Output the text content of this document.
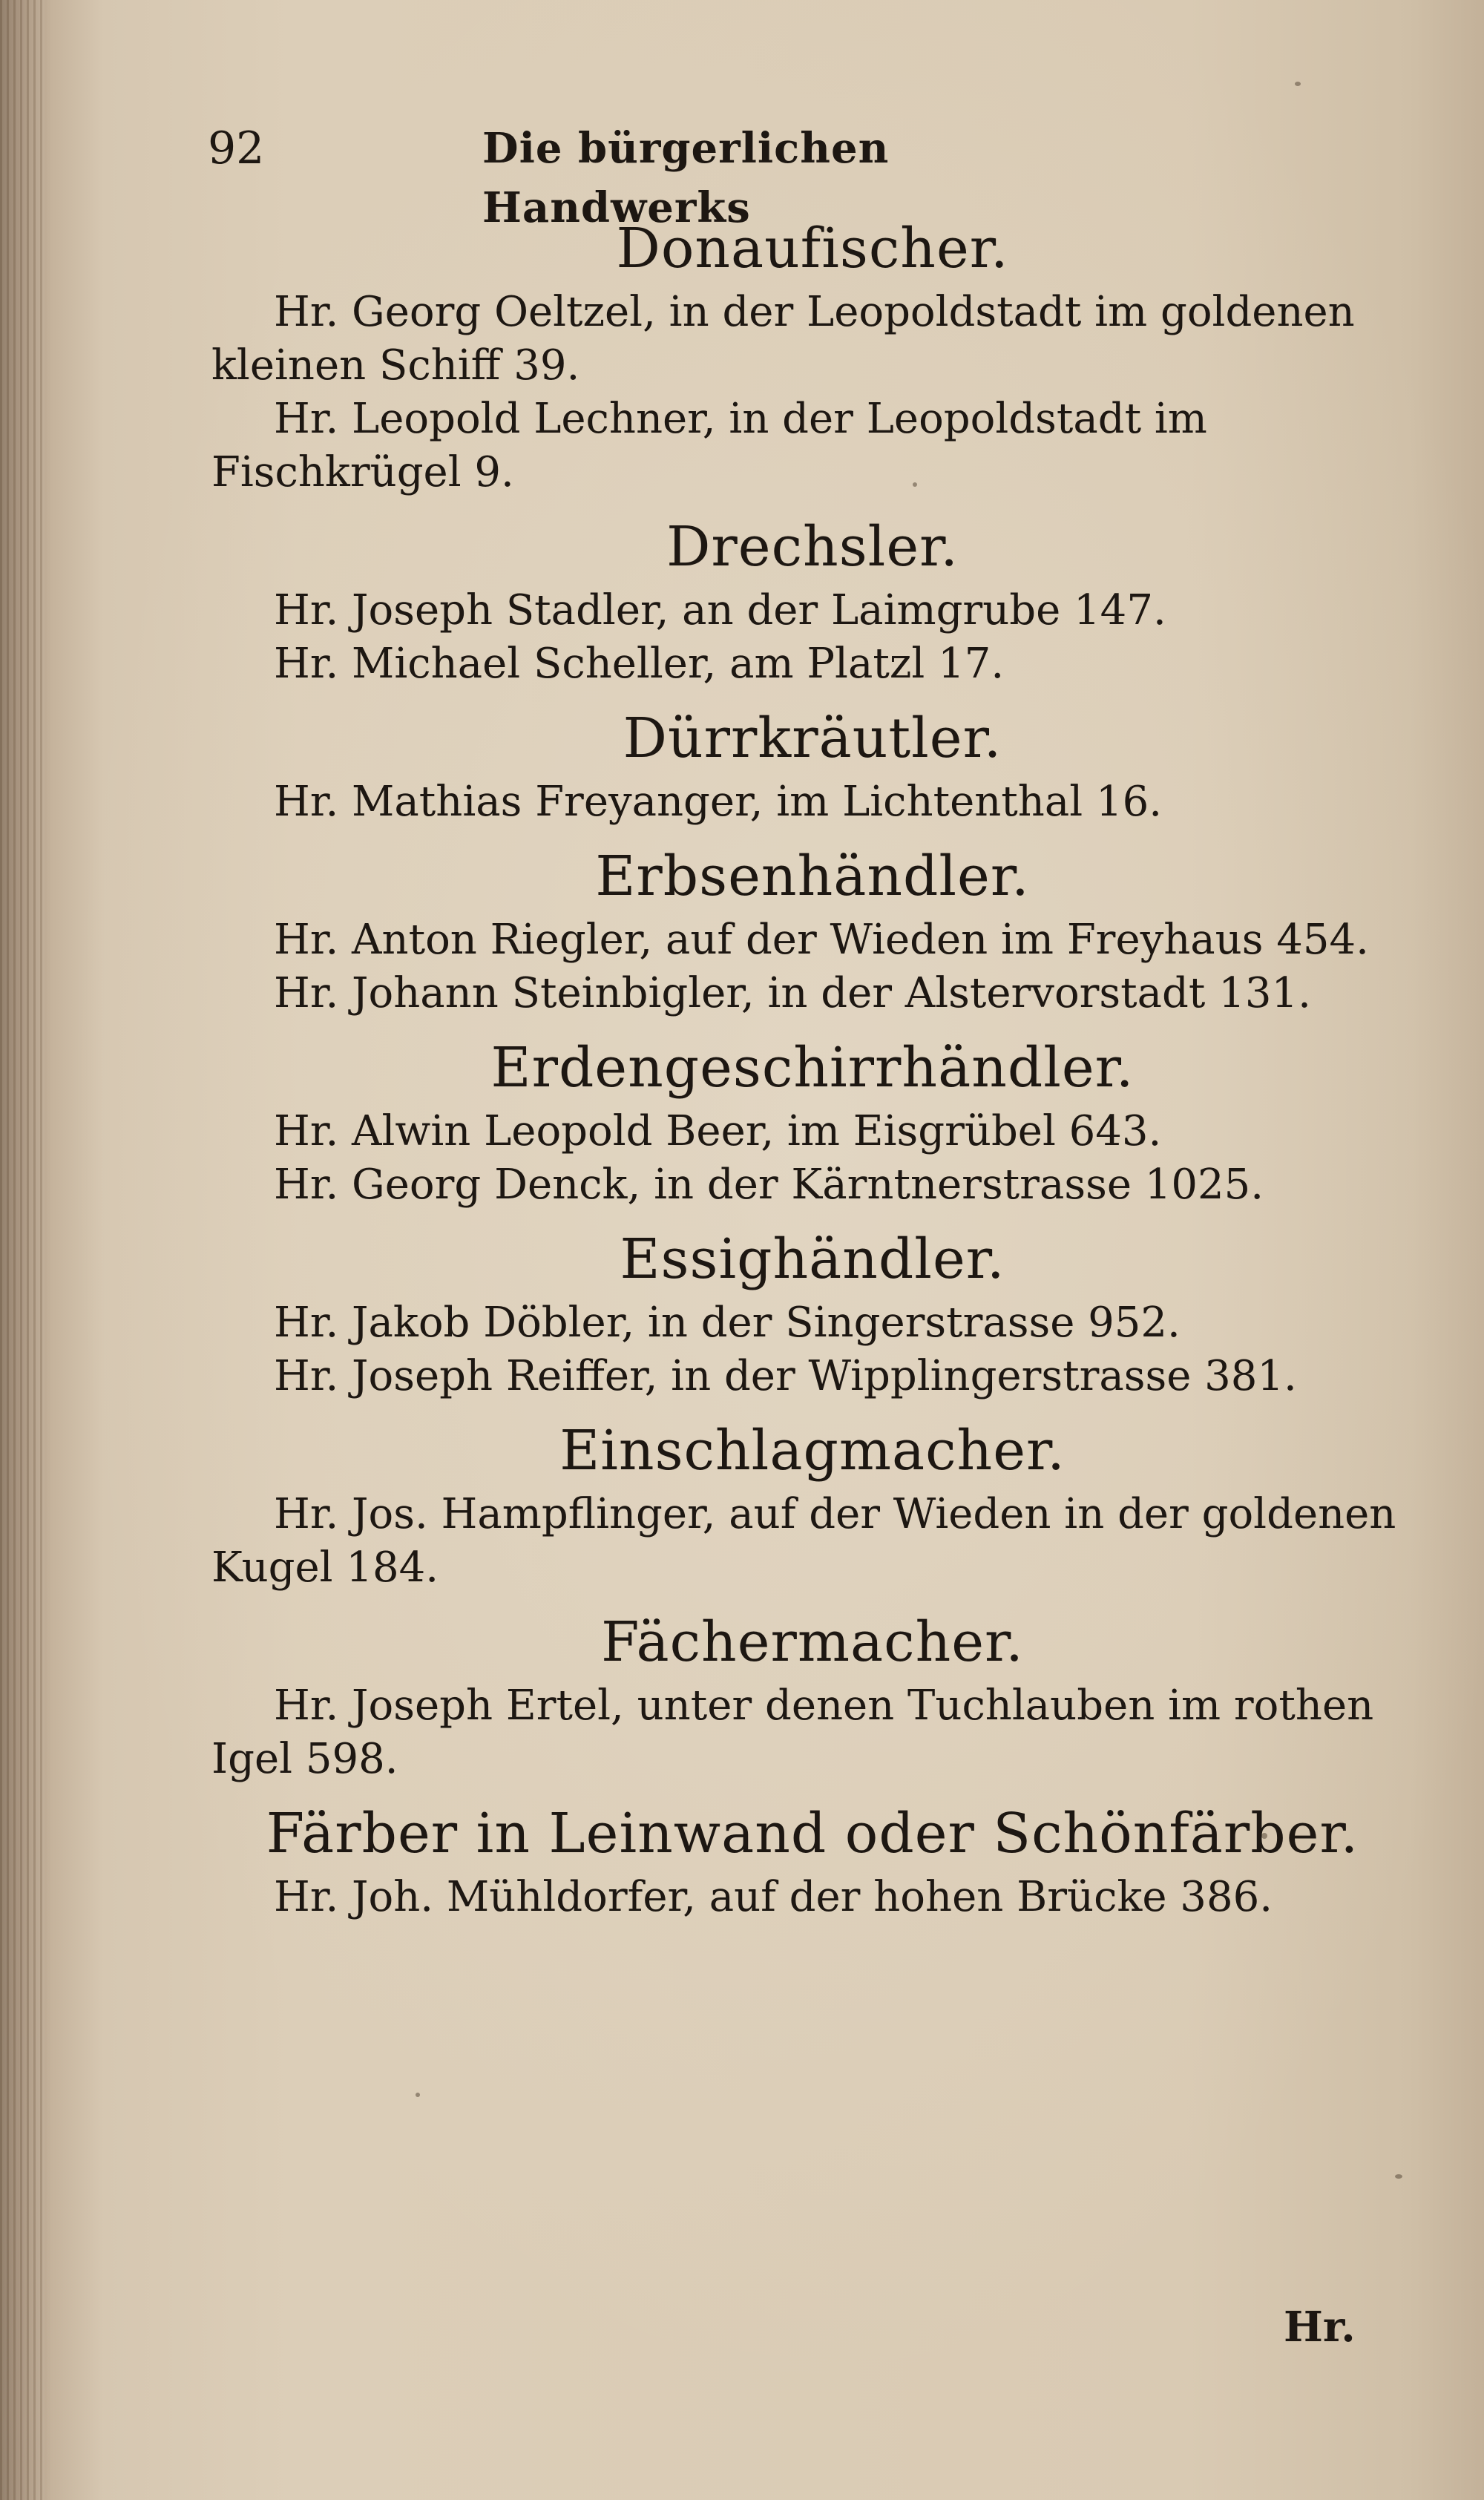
92	Die bürgerlichen Handwerks
Donaufischer.

Hr. Georg Oeltzel, in der Leopoldstadt im goldenen kleinen Schiff 39.

Hr. Leopold Lechner, in der Leopoldstadt im Fischkrügel 9.

Drechsler.

Hr. Joseph Stadler, an der Laimgrube 147.

Hr. Michael Scheller, am Platzl 17.

Dürrkräutler.

Hr. Mathias Freyanger, im Lichtenthal 16.

Erbsenhändler.

Hr. Anton Riegler, auf der Wieden im Freyhaus 454.

Hr. Johann Steinbigler, in der Alstervorstadt 131.

Erdengeschirrhändler.

Hr. Alwin Leopold Beer, im Eisgrübel 643.

Hr. Georg Denck, in der Kärntnerstrasse 1025.

Essighändler.

Hr. Jakob Döbler, in der Singerstrasse 952.

Hr. Joseph Reiffer, in der Wipplingerstrasse 381.

Einschlagmacher.

Hr. Jos. Hampflinger, auf der Wieden in der goldenen Kugel 184.

Fächermacher.

Hr. Joseph Ertel, unter denen Tuchlauben im rothen Igel 598.

Färber in Leinwand oder Schönfärber.

Hr. Joh. Mühldorfer, auf der hohen Brücke 386.

Hr.
